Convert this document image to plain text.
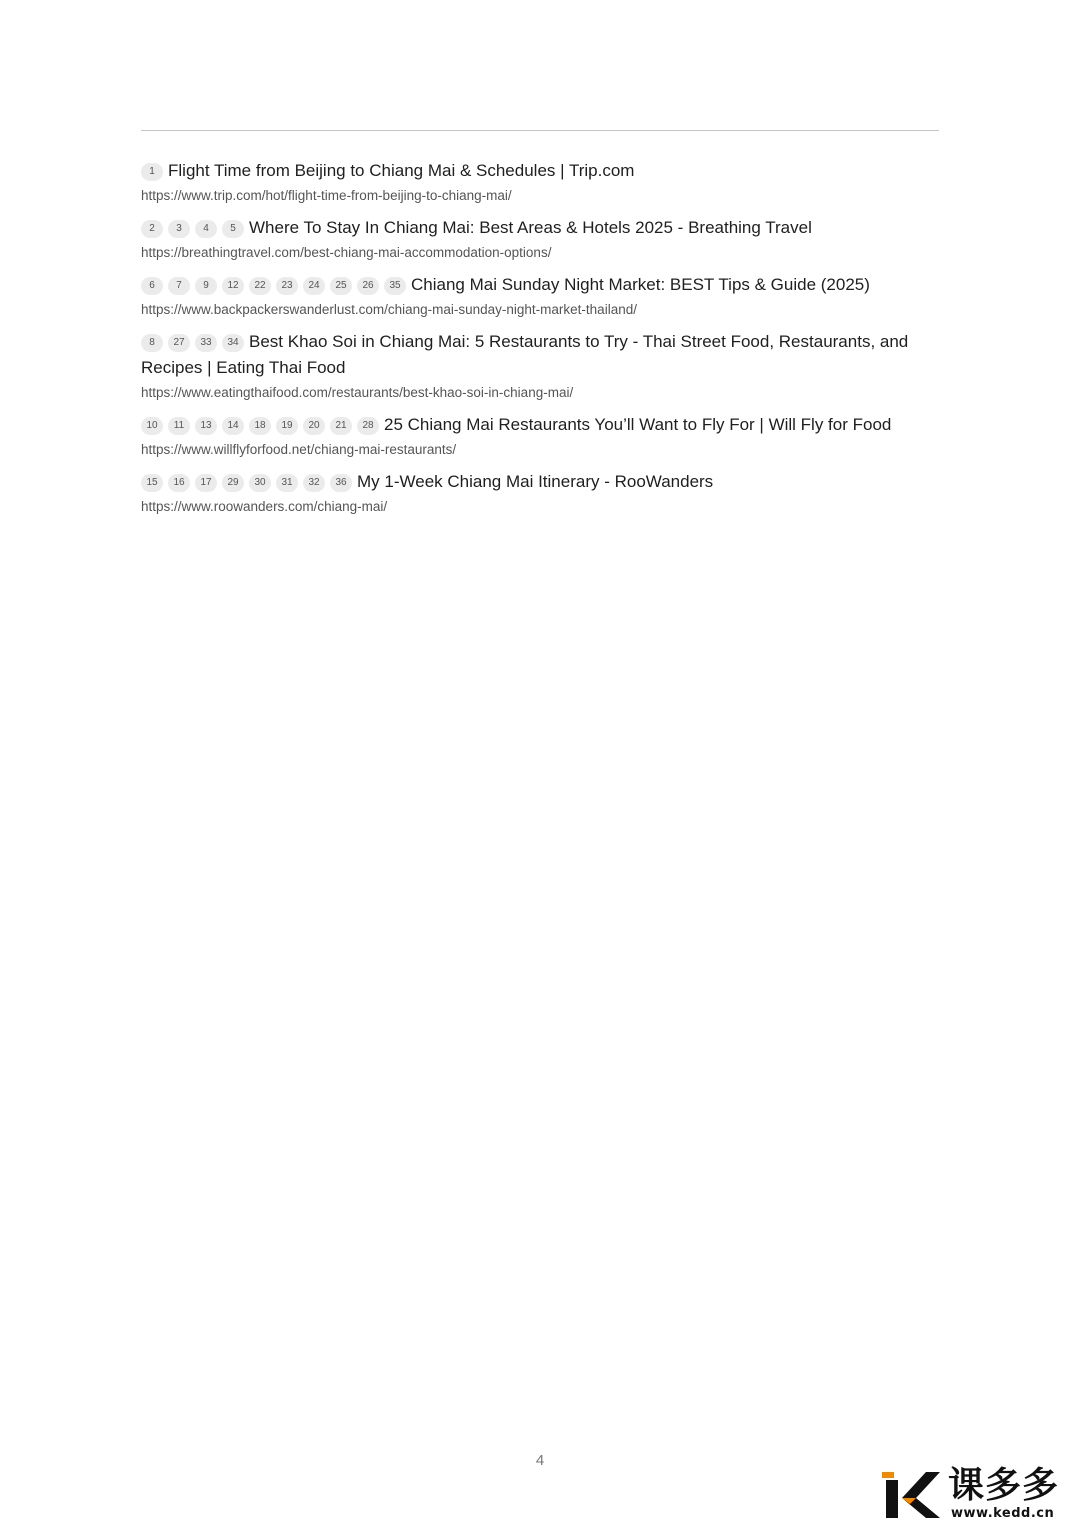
1 Flight Time from Beijing to Chiang Mai & Schedules | Trip.com
https://www.trip.com/hot/flight-time-from-beijing-to-chiang-mai/
2 3 4 5 Where To Stay In Chiang Mai: Best Areas & Hotels 2025 - Breathing Travel
https://breathingtravel.com/best-chiang-mai-accommodation-options/
6 7 9 12 22 23 24 25 26 35 Chiang Mai Sunday Night Market: BEST Tips & Guide (2025)
https://www.backpackerswanderlust.com/chiang-mai-sunday-night-market-thailand/
8 27 33 34 Best Khao Soi in Chiang Mai: 5 Restaurants to Try - Thai Street Food, Restaurants, and Recipes | Eating Thai Food
https://www.eatingthaifood.com/restaurants/best-khao-soi-in-chiang-mai/
10 11 13 14 18 19 20 21 28 25 Chiang Mai Restaurants You’ll Want to Fly For | Will Fly for Food
https://www.willflyforfood.net/chiang-mai-restaurants/
15 16 17 29 30 31 32 36 My 1-Week Chiang Mai Itinerary - RooWanders
https://www.roowanders.com/chiang-mai/
4
课多多
www.kedd.cn
